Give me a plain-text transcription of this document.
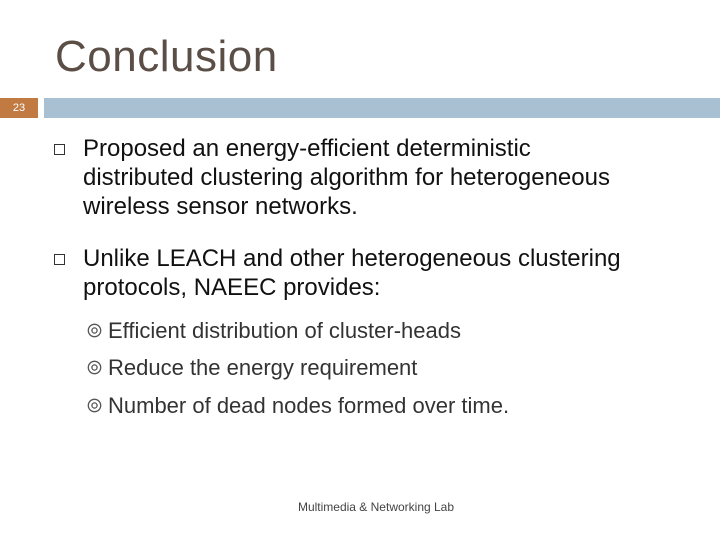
Conclusion
23
Proposed an energy-efficient deterministic distributed clustering algorithm for heterogeneous wireless sensor networks.
Unlike LEACH and other heterogeneous clustering protocols, NAEEC provides:
Efficient distribution of cluster-heads
Reduce the energy requirement
Number of dead nodes formed over time.
Multimedia & Networking Lab
